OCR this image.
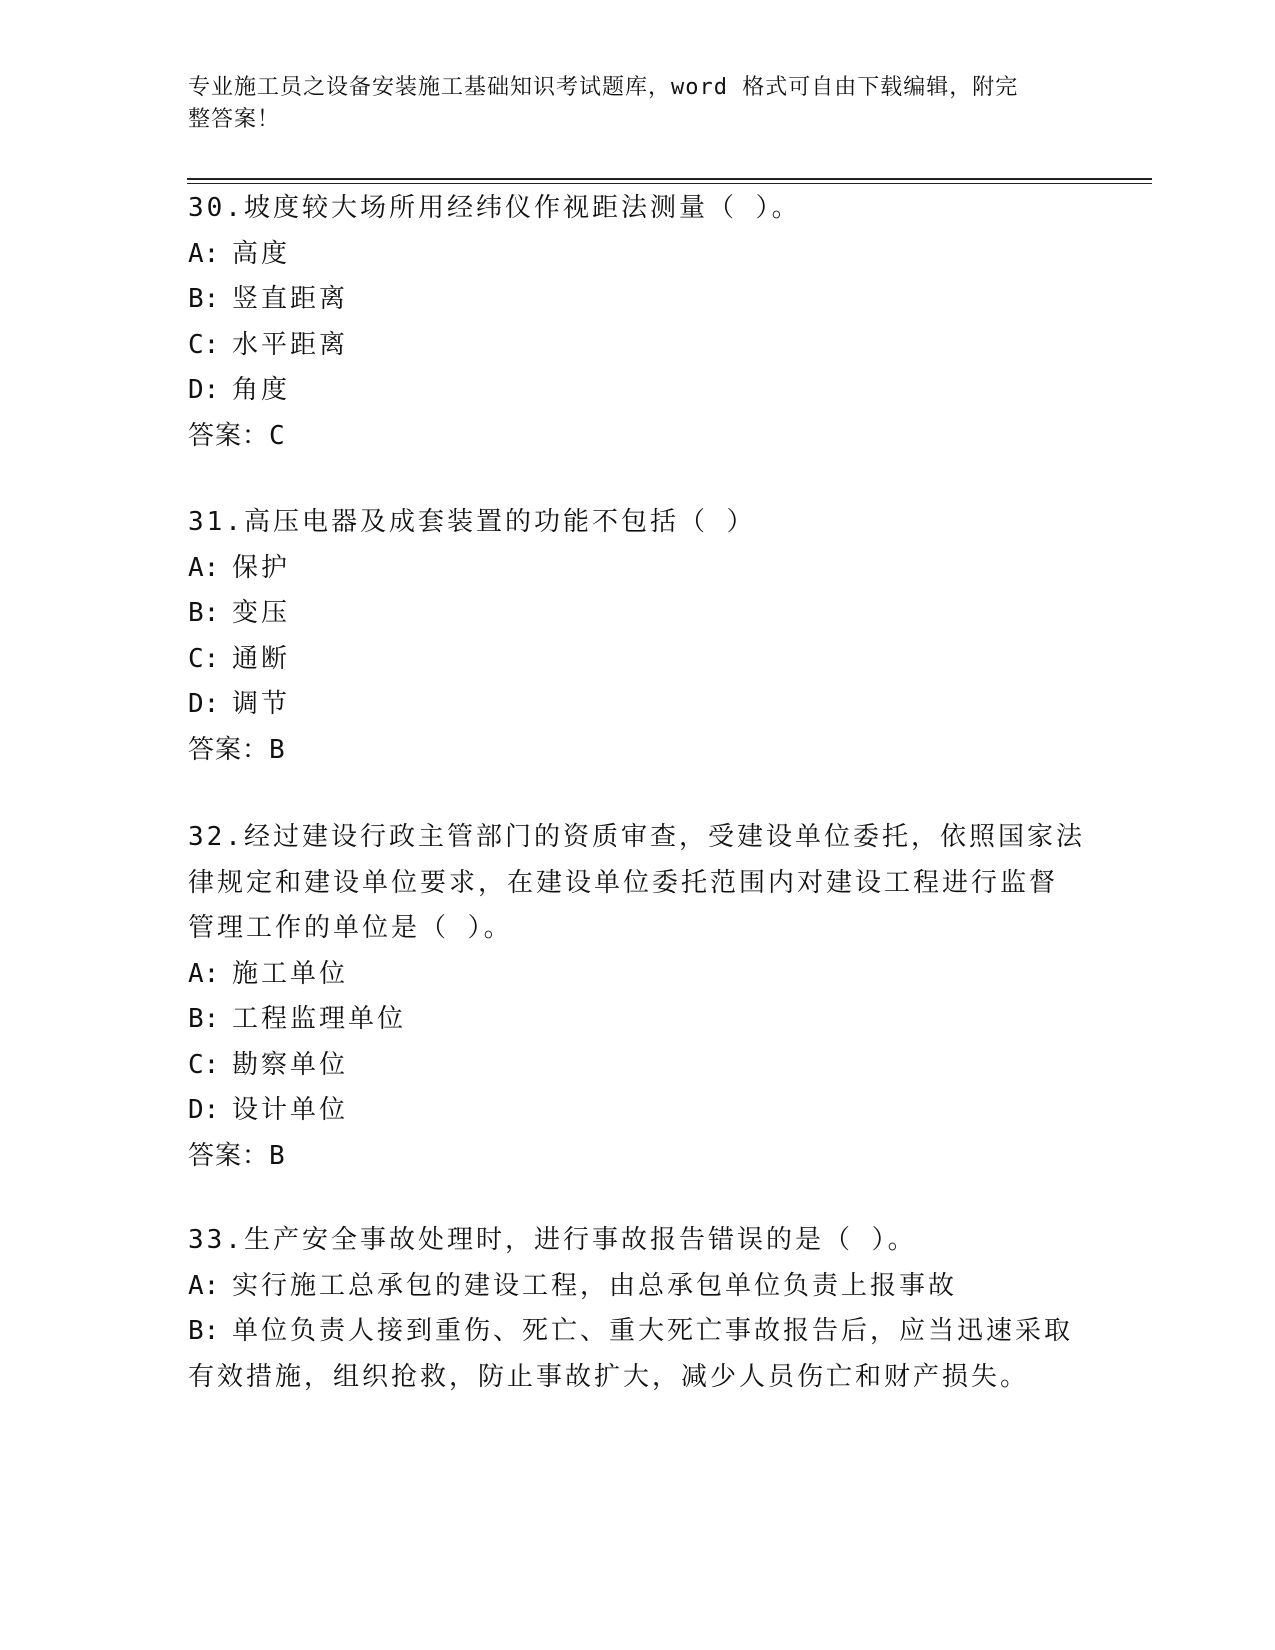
专业施工员之设备安装施工基础知识考试题库，word 格式可自由下载编辑，附完
整答案！
30.坡度较大场所用经纬仪作视距法测量（ ）。
A: 高度
B: 竖直距离
C: 水平距离
D: 角度
答案：C
31.高压电器及成套装置的功能不包括（ ）
A: 保护
B: 变压
C: 通断
D: 调节
答案：B
32.经过建设行政主管部门的资质审查，受建设单位委托，依照国家法
律规定和建设单位要求，在建设单位委托范围内对建设工程进行监督
管理工作的单位是（ ）。
A: 施工单位
B: 工程监理单位
C: 勘察单位
D: 设计单位
答案：B
33.生产安全事故处理时，进行事故报告错误的是（ ）。
A: 实行施工总承包的建设工程，由总承包单位负责上报事故
B: 单位负责人接到重伤、死亡、重大死亡事故报告后，应当迅速采取
有效措施，组织抢救，防止事故扩大，减少人员伤亡和财产损失。
